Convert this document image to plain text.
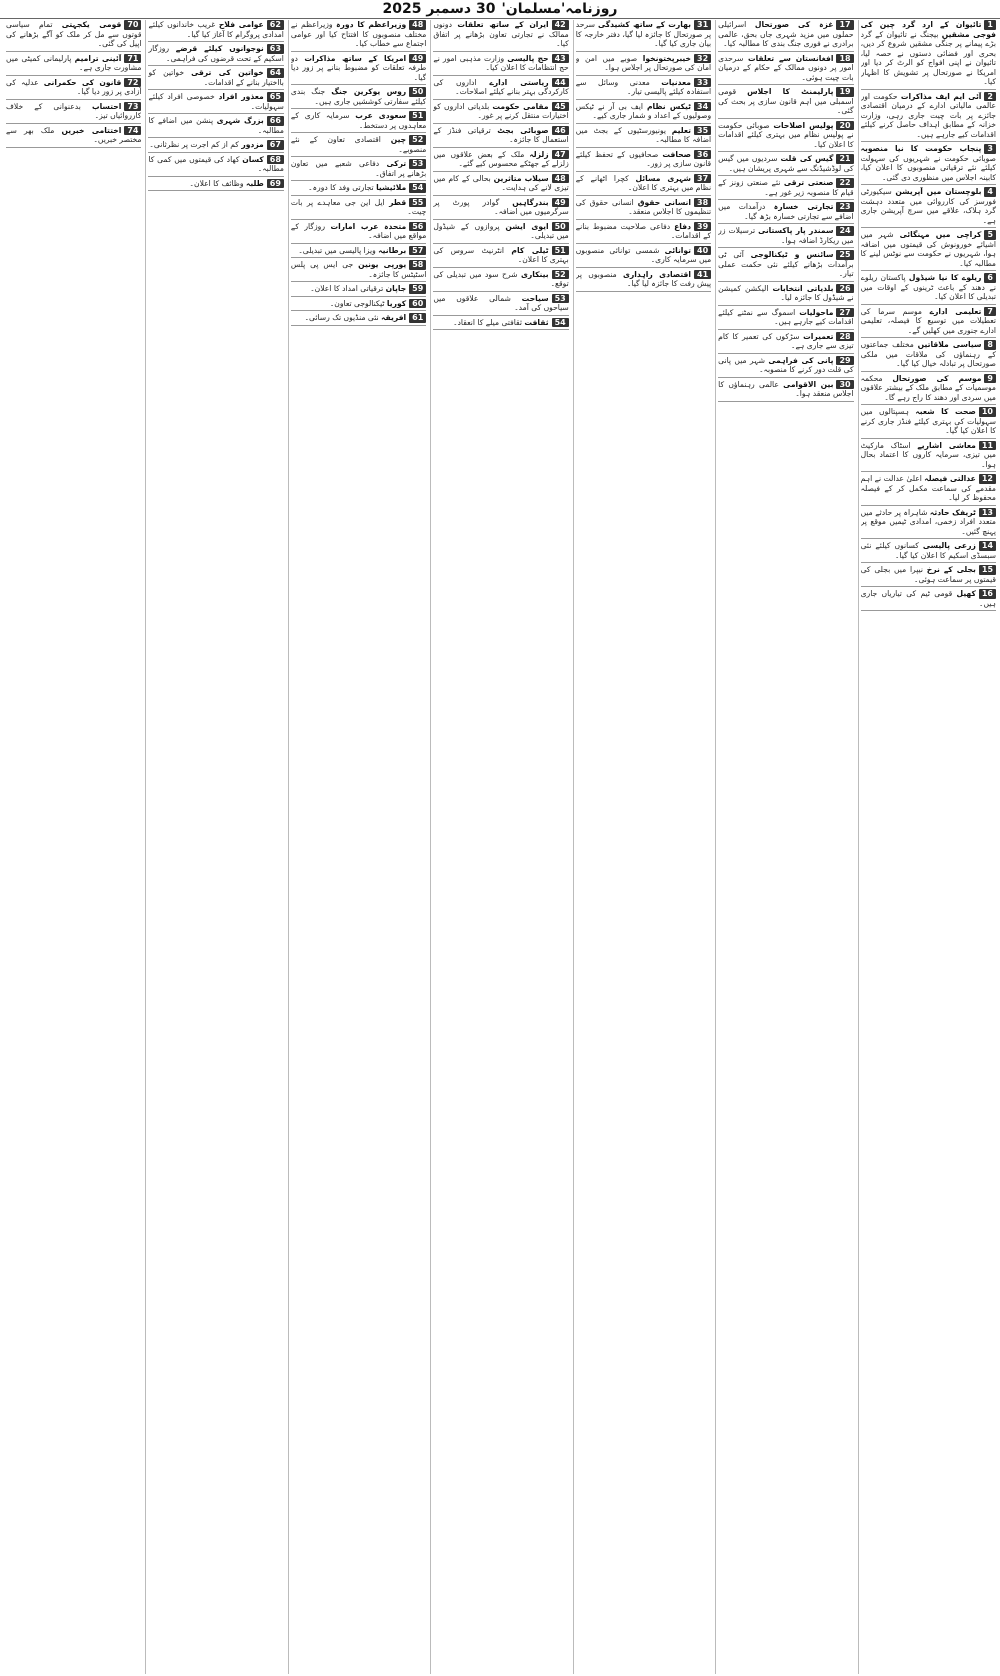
روزنامہ'مسلمان'
30 دسمبر 2025
1تائیوان کے ارد گرد چین کی فوجی مشقیں بیجنگ نے تائیوان کے گرد بڑے پیمانے پر جنگی مشقیں شروع کر دیں، بحری اور فضائی دستوں نے حصہ لیا، تائیوان نے اپنی افواج کو الرٹ کر دیا اور امریکا نے صورتحال پر تشویش کا اظہار کیا۔
2آئی ایم ایف مذاکرات حکومت اور عالمی مالیاتی ادارے کے درمیان اقتصادی جائزے پر بات چیت جاری رہی، وزارت خزانہ کے مطابق اہداف حاصل کرنے کیلئے اقدامات کیے جارہے ہیں۔
3پنجاب حکومت کا نیا منصوبہ صوبائی حکومت نے شہریوں کی سہولت کیلئے نئے ترقیاتی منصوبوں کا اعلان کیا، کابینہ اجلاس میں منظوری دی گئی۔
4بلوچستان میں آپریشن سیکیورٹی فورسز کی کارروائی میں متعدد دہشت گرد ہلاک، علاقے میں سرچ آپریشن جاری ہے۔
5کراچی میں مہنگائی شہر میں اشیائے خورونوش کی قیمتوں میں اضافہ ہوا، شہریوں نے حکومت سے نوٹس لینے کا مطالبہ کیا۔
6ریلوے کا نیا شیڈول پاکستان ریلوے نے دھند کے باعث ٹرینوں کے اوقات میں تبدیلی کا اعلان کیا۔
7تعلیمی ادارے موسم سرما کی تعطیلات میں توسیع کا فیصلہ، تعلیمی ادارے جنوری میں کھلیں گے۔
8سیاسی ملاقاتیں مختلف جماعتوں کے رہنماؤں کی ملاقات میں ملکی صورتحال پر تبادلہ خیال کیا گیا۔
9موسم کی صورتحال محکمہ موسمیات کے مطابق ملک کے بیشتر علاقوں میں سردی اور دھند کا راج رہے گا۔
10صحت کا شعبہ ہسپتالوں میں سہولیات کی بہتری کیلئے فنڈز جاری کرنے کا اعلان کیا گیا۔
11معاشی اشاریے اسٹاک مارکیٹ میں تیزی، سرمایہ کاروں کا اعتماد بحال ہوا۔
12عدالتی فیصلہ اعلیٰ عدالت نے اہم مقدمے کی سماعت مکمل کر کے فیصلہ محفوظ کر لیا۔
13ٹریفک حادثہ شاہراہ پر حادثے میں متعدد افراد زخمی، امدادی ٹیمیں موقع پر پہنچ گئیں۔
14زرعی پالیسی کسانوں کیلئے نئی سبسڈی اسکیم کا اعلان کیا گیا۔
15بجلی کے نرخ نیپرا میں بجلی کی قیمتوں پر سماعت ہوئی۔
16کھیل قومی ٹیم کی تیاریاں جاری ہیں۔
17غزہ کی صورتحال اسرائیلی حملوں میں مزید شہری جاں بحق، عالمی برادری نے فوری جنگ بندی کا مطالبہ کیا۔
18افغانستان سے تعلقات سرحدی امور پر دونوں ممالک کے حکام کے درمیان بات چیت ہوئی۔
19پارلیمنٹ کا اجلاس قومی اسمبلی میں اہم قانون سازی پر بحث کی گئی۔
20پولیس اصلاحات صوبائی حکومت نے پولیس نظام میں بہتری کیلئے اقدامات کا اعلان کیا۔
21گیس کی قلت سردیوں میں گیس کی لوڈشیڈنگ سے شہری پریشان ہیں۔
22صنعتی ترقی نئے صنعتی زونز کے قیام کا منصوبہ زیر غور ہے۔
23تجارتی خسارہ درآمدات میں اضافے سے تجارتی خسارہ بڑھ گیا۔
24سمندر پار پاکستانی ترسیلات زر میں ریکارڈ اضافہ ہوا۔
25سائنس و ٹیکنالوجی آئی ٹی برآمدات بڑھانے کیلئے نئی حکمت عملی تیار۔
26بلدیاتی انتخابات الیکشن کمیشن نے شیڈول کا جائزہ لیا۔
27ماحولیات اسموگ سے نمٹنے کیلئے اقدامات کیے جارہے ہیں۔
28تعمیرات سڑکوں کی تعمیر کا کام تیزی سے جاری ہے۔
29پانی کی فراہمی شہر میں پانی کی قلت دور کرنے کا منصوبہ۔
30بین الاقوامی عالمی رہنماؤں کا اجلاس منعقد ہوا۔
31بھارت کے ساتھ کشیدگی سرحد پر صورتحال کا جائزہ لیا گیا، دفتر خارجہ کا بیان جاری کیا گیا۔
32خیبرپختونخوا صوبے میں امن و امان کی صورتحال پر اجلاس ہوا۔
33معدنیات معدنی وسائل سے استفادہ کیلئے پالیسی تیار۔
34ٹیکس نظام ایف بی آر نے ٹیکس وصولیوں کے اعداد و شمار جاری کیے۔
35تعلیم یونیورسٹیوں کے بجٹ میں اضافہ کا مطالبہ۔
36صحافت صحافیوں کے تحفظ کیلئے قانون سازی پر زور۔
37شہری مسائل کچرا اٹھانے کے نظام میں بہتری کا اعلان۔
38انسانی حقوق انسانی حقوق کی تنظیموں کا اجلاس منعقد۔
39دفاع دفاعی صلاحیت مضبوط بنانے کے اقدامات۔
40توانائی شمسی توانائی منصوبوں میں سرمایہ کاری۔
41اقتصادی راہداری منصوبوں پر پیش رفت کا جائزہ لیا گیا۔
42ایران کے ساتھ تعلقات دونوں ممالک نے تجارتی تعاون بڑھانے پر اتفاق کیا۔
43حج پالیسی وزارت مذہبی امور نے حج انتظامات کا اعلان کیا۔
44ریاستی ادارے اداروں کی کارکردگی بہتر بنانے کیلئے اصلاحات۔
45مقامی حکومت بلدیاتی اداروں کو اختیارات منتقل کرنے پر غور۔
46صوبائی بجٹ ترقیاتی فنڈز کے استعمال کا جائزہ۔
47زلزلہ ملک کے بعض علاقوں میں زلزلے کے جھٹکے محسوس کیے گئے۔
48سیلاب متاثرین بحالی کے کام میں تیزی لانے کی ہدایت۔
49بندرگاہیں گوادر پورٹ پر سرگرمیوں میں اضافہ۔
50ایوی ایشن پروازوں کے شیڈول میں تبدیلی۔
51ٹیلی کام انٹرنیٹ سروس کی بہتری کا اعلان۔
52بینکاری شرح سود میں تبدیلی کی توقع۔
53سیاحت شمالی علاقوں میں سیاحوں کی آمد۔
54ثقافت ثقافتی میلے کا انعقاد۔
48وزیراعظم کا دورہ وزیراعظم نے مختلف منصوبوں کا افتتاح کیا اور عوامی اجتماع سے خطاب کیا۔
49امریکا کے ساتھ مذاکرات دو طرفہ تعلقات کو مضبوط بنانے پر زور دیا گیا۔
50روس یوکرین جنگ جنگ بندی کیلئے سفارتی کوششیں جاری ہیں۔
51سعودی عرب سرمایہ کاری کے معاہدوں پر دستخط۔
52چین اقتصادی تعاون کے نئے منصوبے۔
53ترکی دفاعی شعبے میں تعاون بڑھانے پر اتفاق۔
54ملائیشیا تجارتی وفد کا دورہ۔
55قطر ایل این جی معاہدے پر بات چیت۔
56متحدہ عرب امارات روزگار کے مواقع میں اضافہ۔
57برطانیہ ویزا پالیسی میں تبدیلی۔
58یورپی یونین جی ایس پی پلس اسٹیٹس کا جائزہ۔
59جاپان ترقیاتی امداد کا اعلان۔
60کوریا ٹیکنالوجی تعاون۔
61افریقہ نئی منڈیوں تک رسائی۔
62عوامی فلاح غریب خاندانوں کیلئے امدادی پروگرام کا آغاز کیا گیا۔
63نوجوانوں کیلئے قرضے روزگار اسکیم کے تحت قرضوں کی فراہمی۔
64خواتین کی ترقی خواتین کو بااختیار بنانے کے اقدامات۔
65معذور افراد خصوصی افراد کیلئے سہولیات۔
66بزرگ شہری پنشن میں اضافے کا مطالبہ۔
67مزدور کم از کم اجرت پر نظرثانی۔
68کسان کھاد کی قیمتوں میں کمی کا مطالبہ۔
69طلبہ وظائف کا اعلان۔
70قومی یکجہتی تمام سیاسی قوتوں سے مل کر ملک کو آگے بڑھانے کی اپیل کی گئی۔
71آئینی ترامیم پارلیمانی کمیٹی میں مشاورت جاری ہے۔
72قانون کی حکمرانی عدلیہ کی آزادی پر زور دیا گیا۔
73احتساب بدعنوانی کے خلاف کارروائیاں تیز۔
74اختتامی خبریں ملک بھر سے مختصر خبریں۔
